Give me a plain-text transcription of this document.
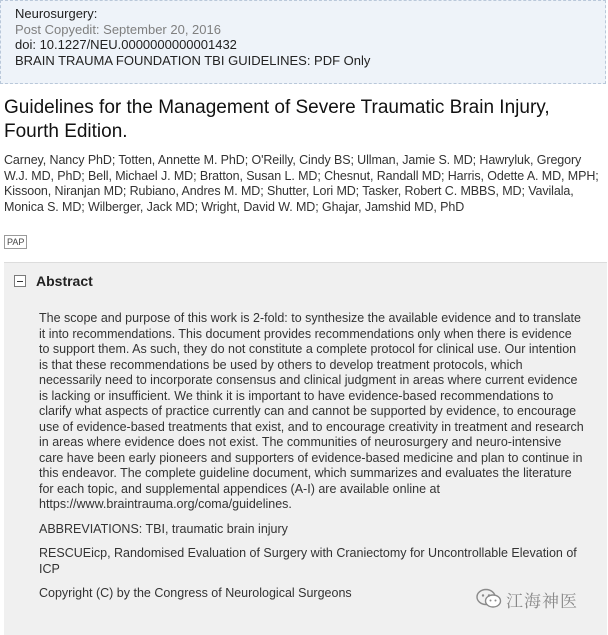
Neurosurgery:
Post Copyedit: September 20, 2016
doi: 10.1227/NEU.0000000000001432
BRAIN TRAUMA FOUNDATION TBI GUIDELINES: PDF Only
Guidelines for the Management of Severe Traumatic Brain Injury, Fourth Edition.
Carney, Nancy PhD; Totten, Annette M. PhD; O'Reilly, Cindy BS; Ullman, Jamie S. MD; Hawryluk, Gregory W.J. MD, PhD; Bell, Michael J. MD; Bratton, Susan L. MD; Chesnut, Randall MD; Harris, Odette A. MD, MPH; Kissoon, Niranjan MD; Rubiano, Andres M. MD; Shutter, Lori MD; Tasker, Robert C. MBBS, MD; Vavilala, Monica S. MD; Wilberger, Jack MD; Wright, David W. MD; Ghajar, Jamshid MD, PhD
PAP
Abstract

The scope and purpose of this work is 2-fold: to synthesize the available evidence and to translate it into recommendations. This document provides recommendations only when there is evidence to support them. As such, they do not constitute a complete protocol for clinical use. Our intention is that these recommendations be used by others to develop treatment protocols, which necessarily need to incorporate consensus and clinical judgment in areas where current evidence is lacking or insufficient. We think it is important to have evidence-based recommendations to clarify what aspects of practice currently can and cannot be supported by evidence, to encourage use of evidence-based treatments that exist, and to encourage creativity in treatment and research in areas where evidence does not exist. The communities of neurosurgery and neuro-intensive care have been early pioneers and supporters of evidence-based medicine and plan to continue in this endeavor. The complete guideline document, which summarizes and evaluates the literature for each topic, and supplemental appendices (A-I) are available online at https://www.braintrauma.org/coma/guidelines.

ABBREVIATIONS: TBI, traumatic brain injury

RESCUEicp, Randomised Evaluation of Surgery with Craniectomy for Uncontrollable Elevation of ICP

Copyright (C) by the Congress of Neurological Surgeons	江海神医
